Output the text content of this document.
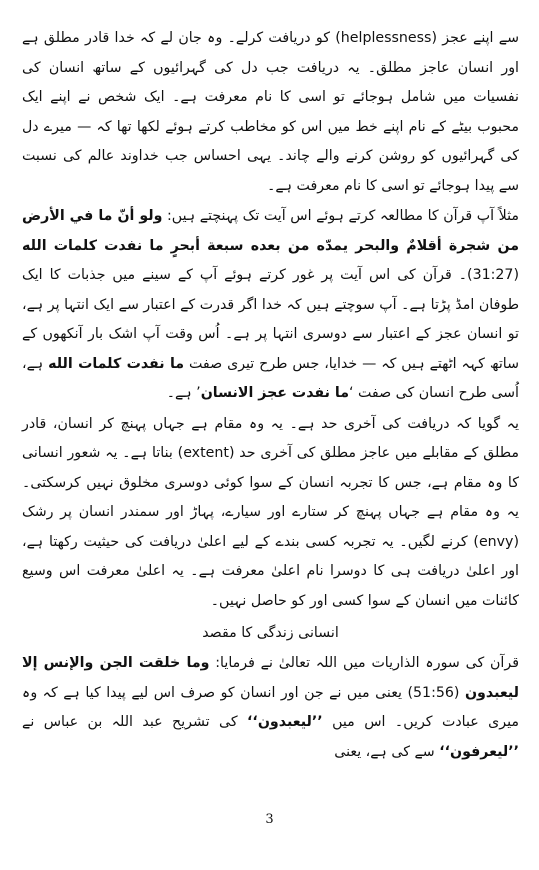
سے اپنے عجز (helplessness) کو دریافت کرلے۔ وہ جان لے کہ خدا قادر مطلق ہے اور انسان عاجز مطلق۔ یہ دریافت جب دل کی گہرائیوں کے ساتھ انسان کی نفسیات میں شامل ہوجائے تو اسی کا نام معرفت ہے۔ ایک شخص نے اپنے ایک محبوب بیٹے کے نام اپنے خط میں اس کو مخاطب کرتے ہوئے لکھا تھا کہ — میرے دل کی گہرائیوں کو روشن کرنے والے چاند۔ یہی احساس جب خداوند عالم کی نسبت سے پیدا ہوجائے تو اسی کا نام معرفت ہے۔

مثلاً آپ قرآن کا مطالعہ کرتے ہوئے اس آیت تک پہنچتے ہیں: ولو أنّ ما في الأرض من شجرة أقلامٌ والبحر يمدّه من بعده سبعة أبحرٍ ما نفدت كلمات الله (31:27)۔ قرآن کی اس آیت پر غور کرتے ہوئے آپ کے سینے میں جذبات کا ایک طوفان امڈ پڑتا ہے۔ آپ سوچتے ہیں کہ خدا اگر قدرت کے اعتبار سے ایک انتہا پر ہے، تو انسان عجز کے اعتبار سے دوسری انتہا پر ہے۔ اُس وقت آپ اشک بار آنکھوں کے ساتھ کہہ اٹھتے ہیں کہ — خدایا، جس طرح تیری صفت ما نفدت كلمات الله ہے، اُسی طرح انسان کی صفت ‘ما نفدت عجز الانسان’ ہے۔

یہ گویا کہ دریافت کی آخری حد ہے۔ یہ وہ مقام ہے جہاں پہنچ کر انسان، قادر مطلق کے مقابلے میں عاجز مطلق کی آخری حد (extent) بناتا ہے۔ یہ شعور انسانی کا وہ مقام ہے، جس کا تجربہ انسان کے سوا کوئی دوسری مخلوق نہیں کرسکتی۔ یہ وہ مقام ہے جہاں پہنچ کر ستارے اور سیارے، پہاڑ اور سمندر انسان پر رشک (envy) کرنے لگیں۔ یہ تجربہ کسی بندے کے لیے اعلیٰ دریافت کی حیثیت رکھتا ہے، اور اعلیٰ دریافت ہی کا دوسرا نام اعلیٰ معرفت ہے۔ یہ اعلیٰ معرفت اس وسیع کائنات میں انسان کے سوا کسی اور کو حاصل نہیں۔

انسانی زندگی کا مقصد

قرآن کی سورہ الذاریات میں اللہ تعالیٰ نے فرمایا: وما خلقت الجن والإنس إلا ليعبدون (51:56) یعنی میں نے جن اور انسان کو صرف اس لیے پیدا کیا ہے کہ وہ میری عبادت کریں۔ اس میں ’’ليعبدون‘‘ کی تشریح عبد اللہ بن عباس نے ’’ليعرفون‘‘ سے کی ہے، یعنی

3
